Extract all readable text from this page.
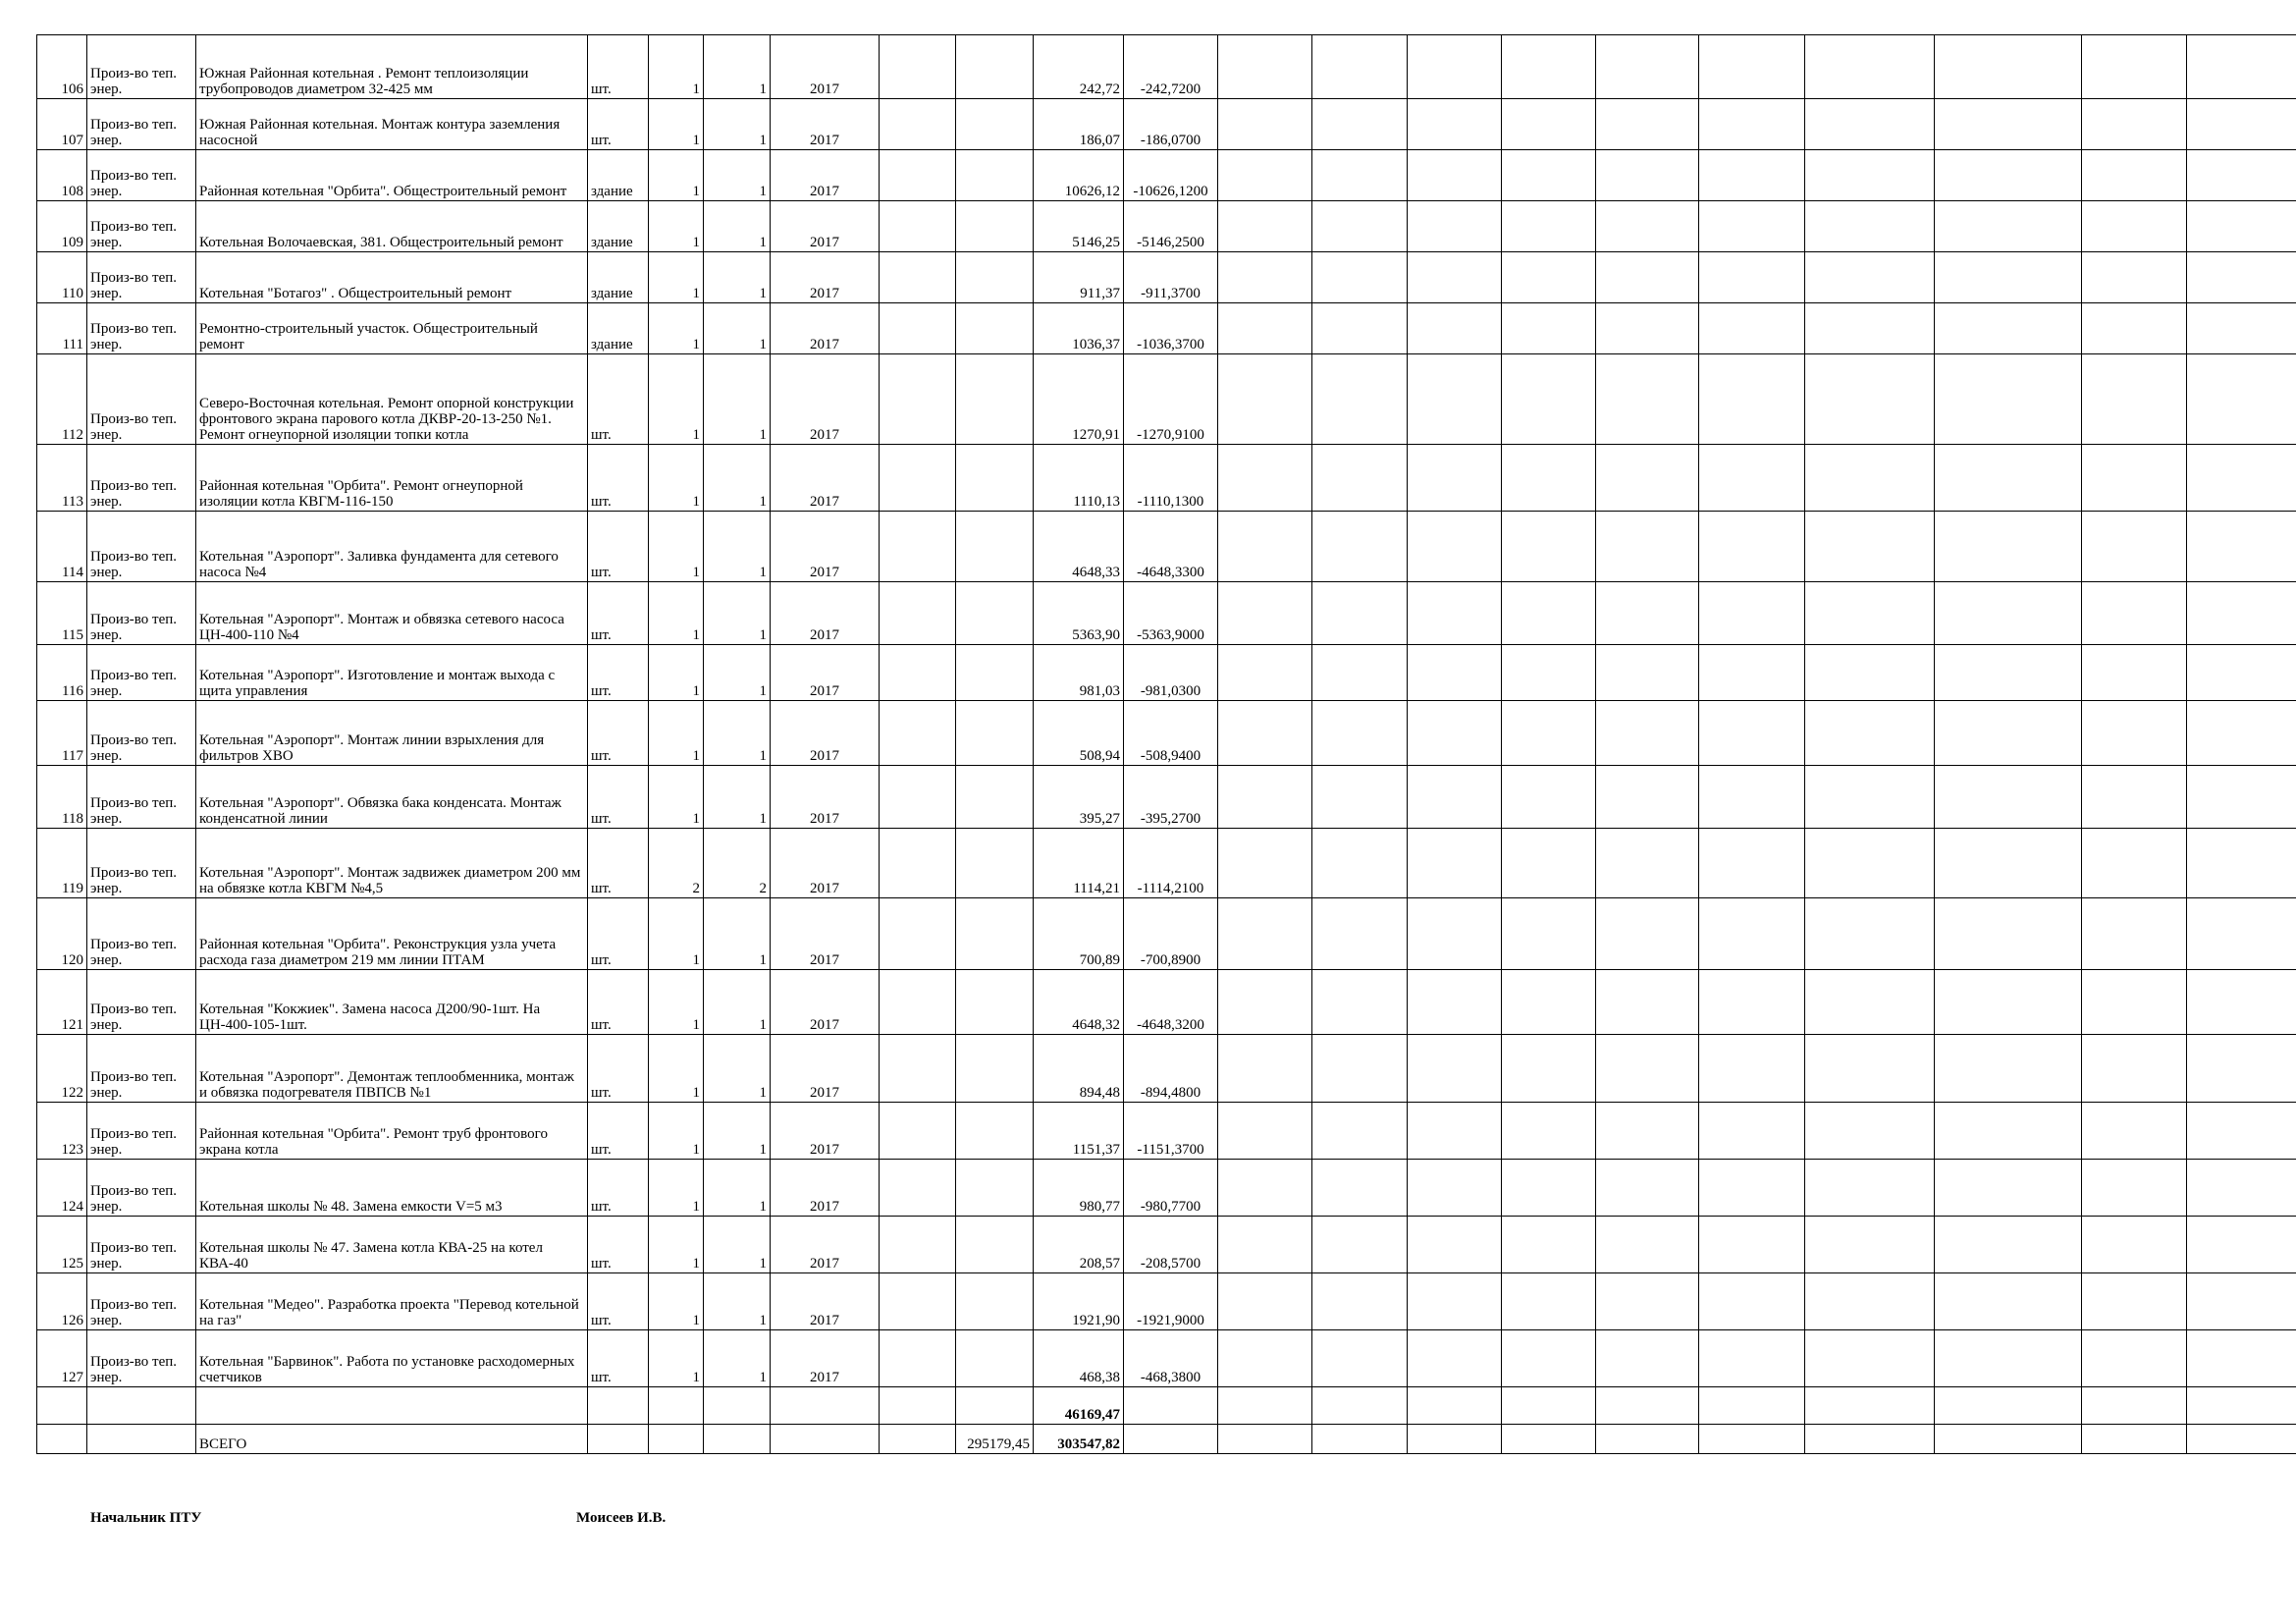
106	Произ-во теп. энер.	Южная Районная котельная . Ремонт теплоизоляции трубопроводов диаметром 32-425 мм	шт.	1	1	2017			242,72	-242,7200											
107	Произ-во теп. энер.	Южная Районная котельная. Монтаж контура заземления насосной	шт.	1	1	2017			186,07	-186,0700											
108	Произ-во теп. энер.	Районная котельная "Орбита". Общестроительный ремонт	здание	1	1	2017			10626,12	-10626,1200											
109	Произ-во теп. энер.	Котельная Волочаевская, 381. Общестроительный ремонт	здание	1	1	2017			5146,25	-5146,2500											
110	Произ-во теп. энер.	Котельная "Ботагоз" . Общестроительный ремонт	здание	1	1	2017			911,37	-911,3700											
111	Произ-во теп. энер.	Ремонтно-строительный участок. Общестроительный ремонт	здание	1	1	2017			1036,37	-1036,3700											
112	Произ-во теп. энер.	Северо-Восточная котельная. Ремонт опорной конструкции фронтового экрана парового котла ДКВР-20-13-250 №1. Ремонт огнеупорной изоляции топки котла	шт.	1	1	2017			1270,91	-1270,9100											
113	Произ-во теп. энер.	Районная котельная "Орбита". Ремонт огнеупорной изоляции котла КВГМ-116-150	шт.	1	1	2017			1110,13	-1110,1300											
114	Произ-во теп. энер.	Котельная "Аэропорт". Заливка фундамента для сетевого насоса №4	шт.	1	1	2017			4648,33	-4648,3300											
115	Произ-во теп. энер.	Котельная "Аэропорт". Монтаж и обвязка сетевого насоса ЦН-400-110 №4	шт.	1	1	2017			5363,90	-5363,9000											
116	Произ-во теп. энер.	Котельная "Аэропорт". Изготовление и монтаж выхода с щита управления	шт.	1	1	2017			981,03	-981,0300											
117	Произ-во теп. энер.	Котельная "Аэропорт". Монтаж линии взрыхления для фильтров ХВО	шт.	1	1	2017			508,94	-508,9400											
118	Произ-во теп. энер.	Котельная "Аэропорт". Обвязка бака конденсата. Монтаж конденсатной линии	шт.	1	1	2017			395,27	-395,2700											
119	Произ-во теп. энер.	Котельная "Аэропорт". Монтаж задвижек диаметром 200 мм на обвязке котла КВГМ №4,5	шт.	2	2	2017			1114,21	-1114,2100											
120	Произ-во теп. энер.	Районная котельная "Орбита". Реконструкция узла учета расхода газа диаметром 219 мм линии ПТАМ	шт.	1	1	2017			700,89	-700,8900											
121	Произ-во теп. энер.	Котельная "Кокжиек". Замена насоса Д200/90-1шт. На ЦН-400-105-1шт.	шт.	1	1	2017			4648,32	-4648,3200											
122	Произ-во теп. энер.	Котельная "Аэропорт". Демонтаж теплообменника, монтаж и обвязка подогревателя ПВПСВ №1	шт.	1	1	2017			894,48	-894,4800											
123	Произ-во теп. энер.	Районная котельная "Орбита". Ремонт труб фронтового экрана котла	шт.	1	1	2017			1151,37	-1151,3700											
124	Произ-во теп. энер.	Котельная школы № 48. Замена емкости V=5 м3	шт.	1	1	2017			980,77	-980,7700											
125	Произ-во теп. энер.	Котельная школы № 47. Замена котла КВА-25 на котел КВА-40	шт.	1	1	2017			208,57	-208,5700											
126	Произ-во теп. энер.	Котельная "Медео". Разработка проекта "Перевод котельной на газ"	шт.	1	1	2017			1921,90	-1921,9000											
127	Произ-во теп. энер.	Котельная "Барвинок". Работа по установке расходомерных счетчиков	шт.	1	1	2017			468,38	-468,3800											
									46169,47												
		ВСЕГО						295179,45	303547,82												
Начальник ПТУ	Моисеев И.В.
